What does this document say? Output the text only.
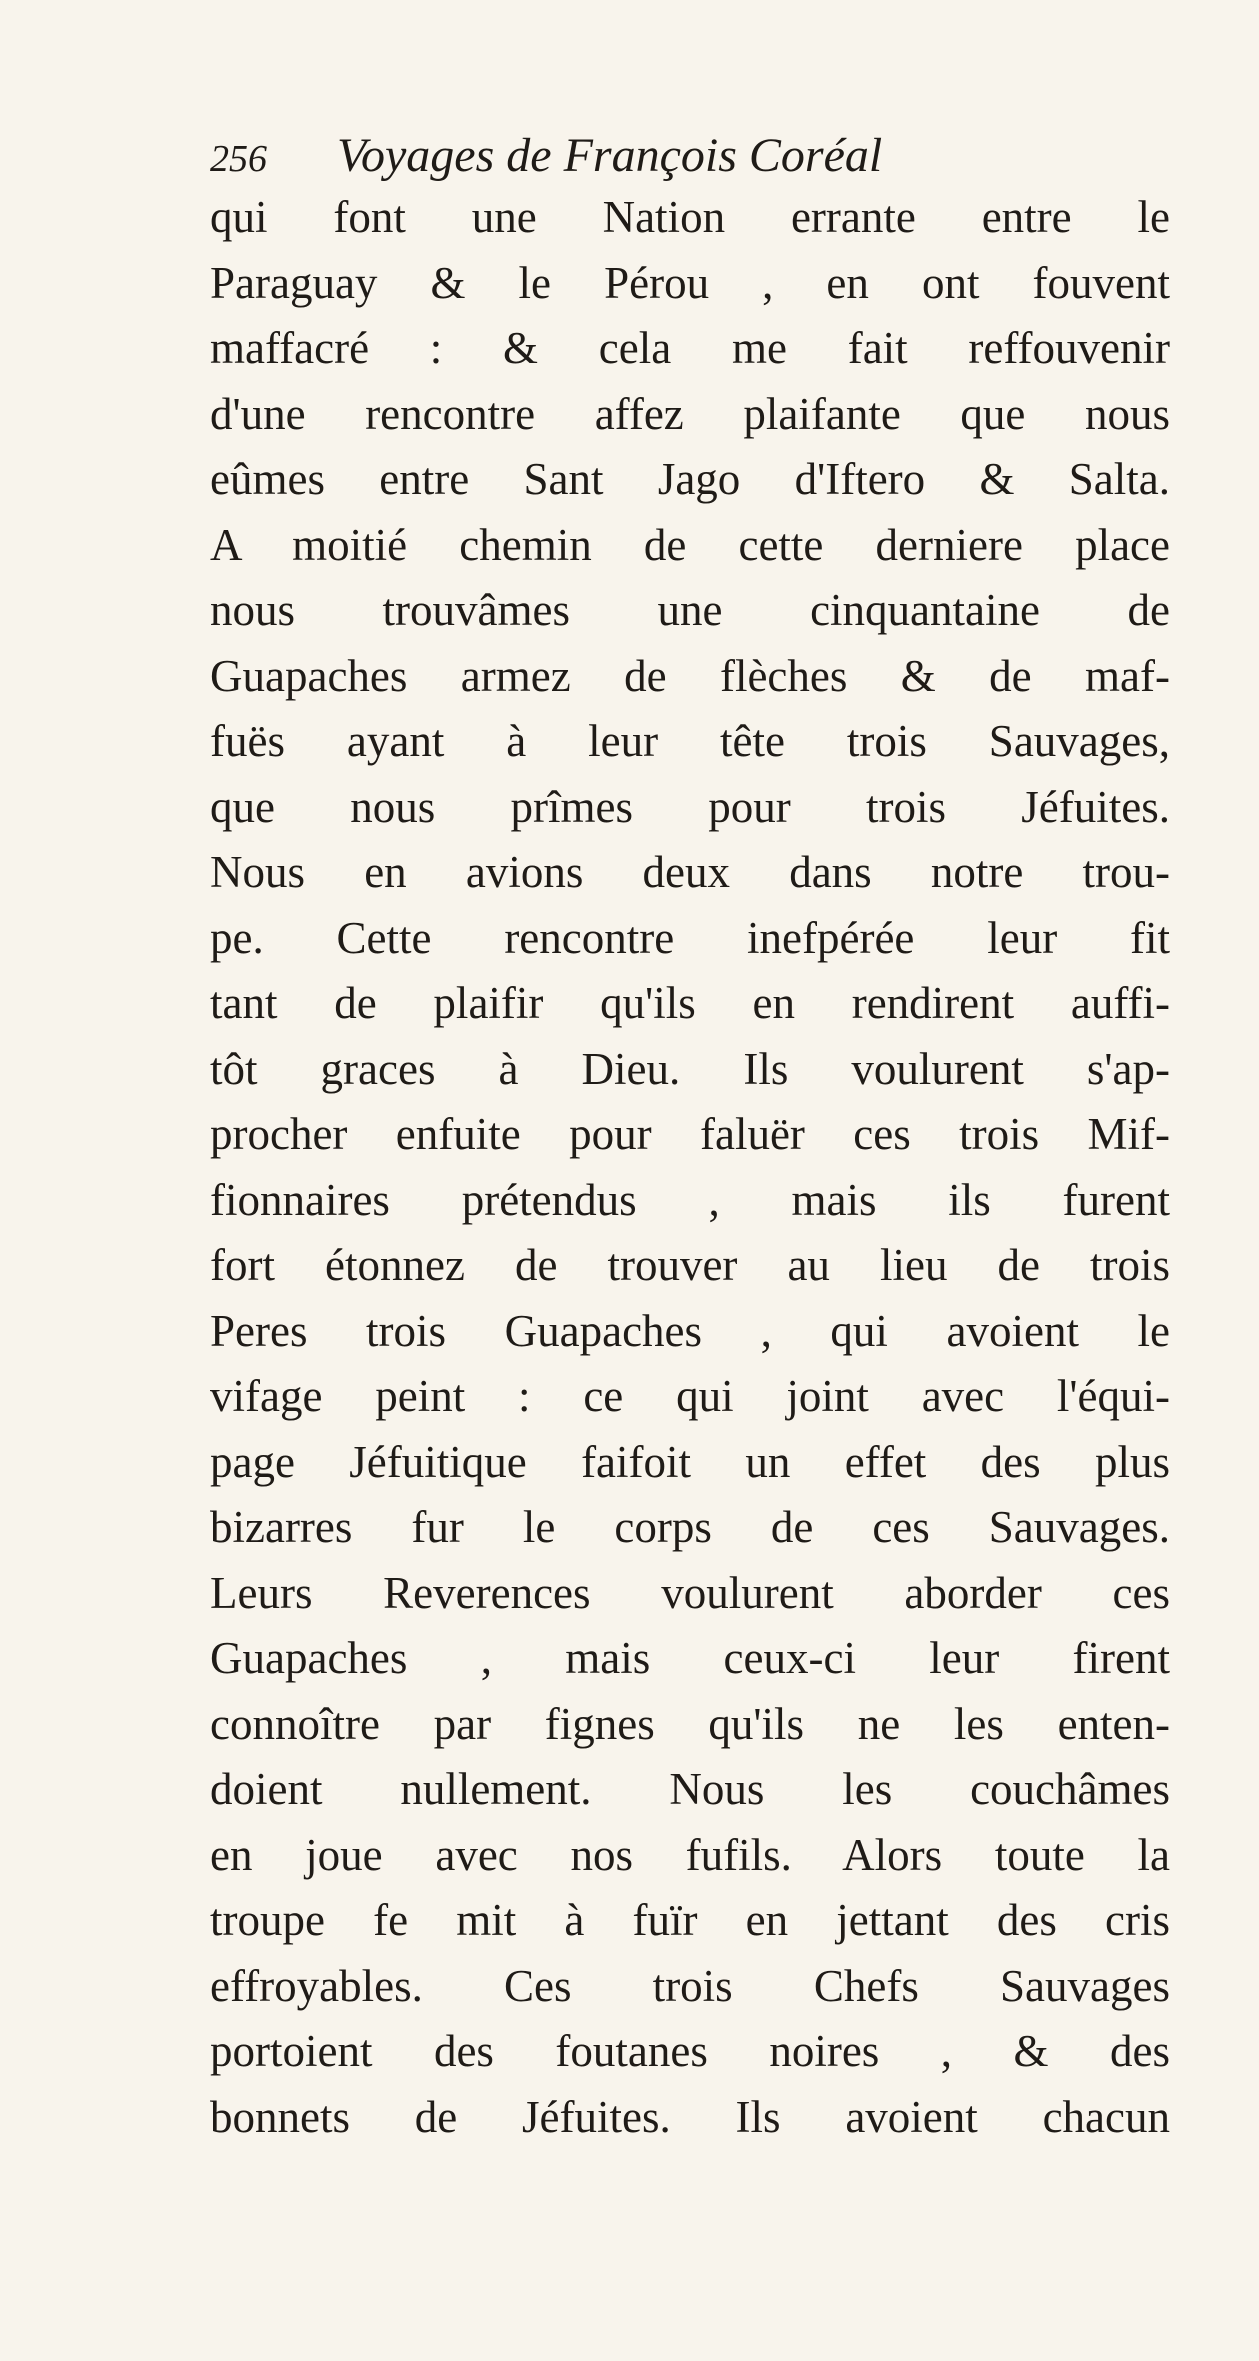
256 Voyages de François Coréal
qui font une Nation errante entre le
Paraguay & le Pérou , en ont fouvent
maffacré : & cela me fait reffouvenir
d'une rencontre affez plaifante que nous
eûmes entre Sant Jago d'Iftero & Salta.
A moitié chemin de cette derniere place
nous trouvâmes une cinquantaine de
Guapaches armez de flèches & de maf-
fuës ayant à leur tête trois Sauvages,
que nous prîmes pour trois Jéfuites.
Nous en avions deux dans notre trou-
pe. Cette rencontre inefpérée leur fit
tant de plaifir qu'ils en rendirent auffi-
tôt graces à Dieu. Ils voulurent s'ap-
procher enfuite pour faluër ces trois Mif-
fionnaires prétendus , mais ils furent
fort étonnez de trouver au lieu de trois
Peres trois Guapaches , qui avoient le
vifage peint : ce qui joint avec l'équi-
page Jéfuitique faifoit un effet des plus
bizarres fur le corps de ces Sauvages.
Leurs Reverences voulurent aborder ces
Guapaches , mais ceux-ci leur firent
connoître par fignes qu'ils ne les enten-
doient nullement. Nous les couchâmes
en joue avec nos fufils. Alors toute la
troupe fe mit à fuïr en jettant des cris
effroyables. Ces trois Chefs Sauvages
portoient des foutanes noires , & des
bonnets de Jéfuites. Ils avoient chacun
